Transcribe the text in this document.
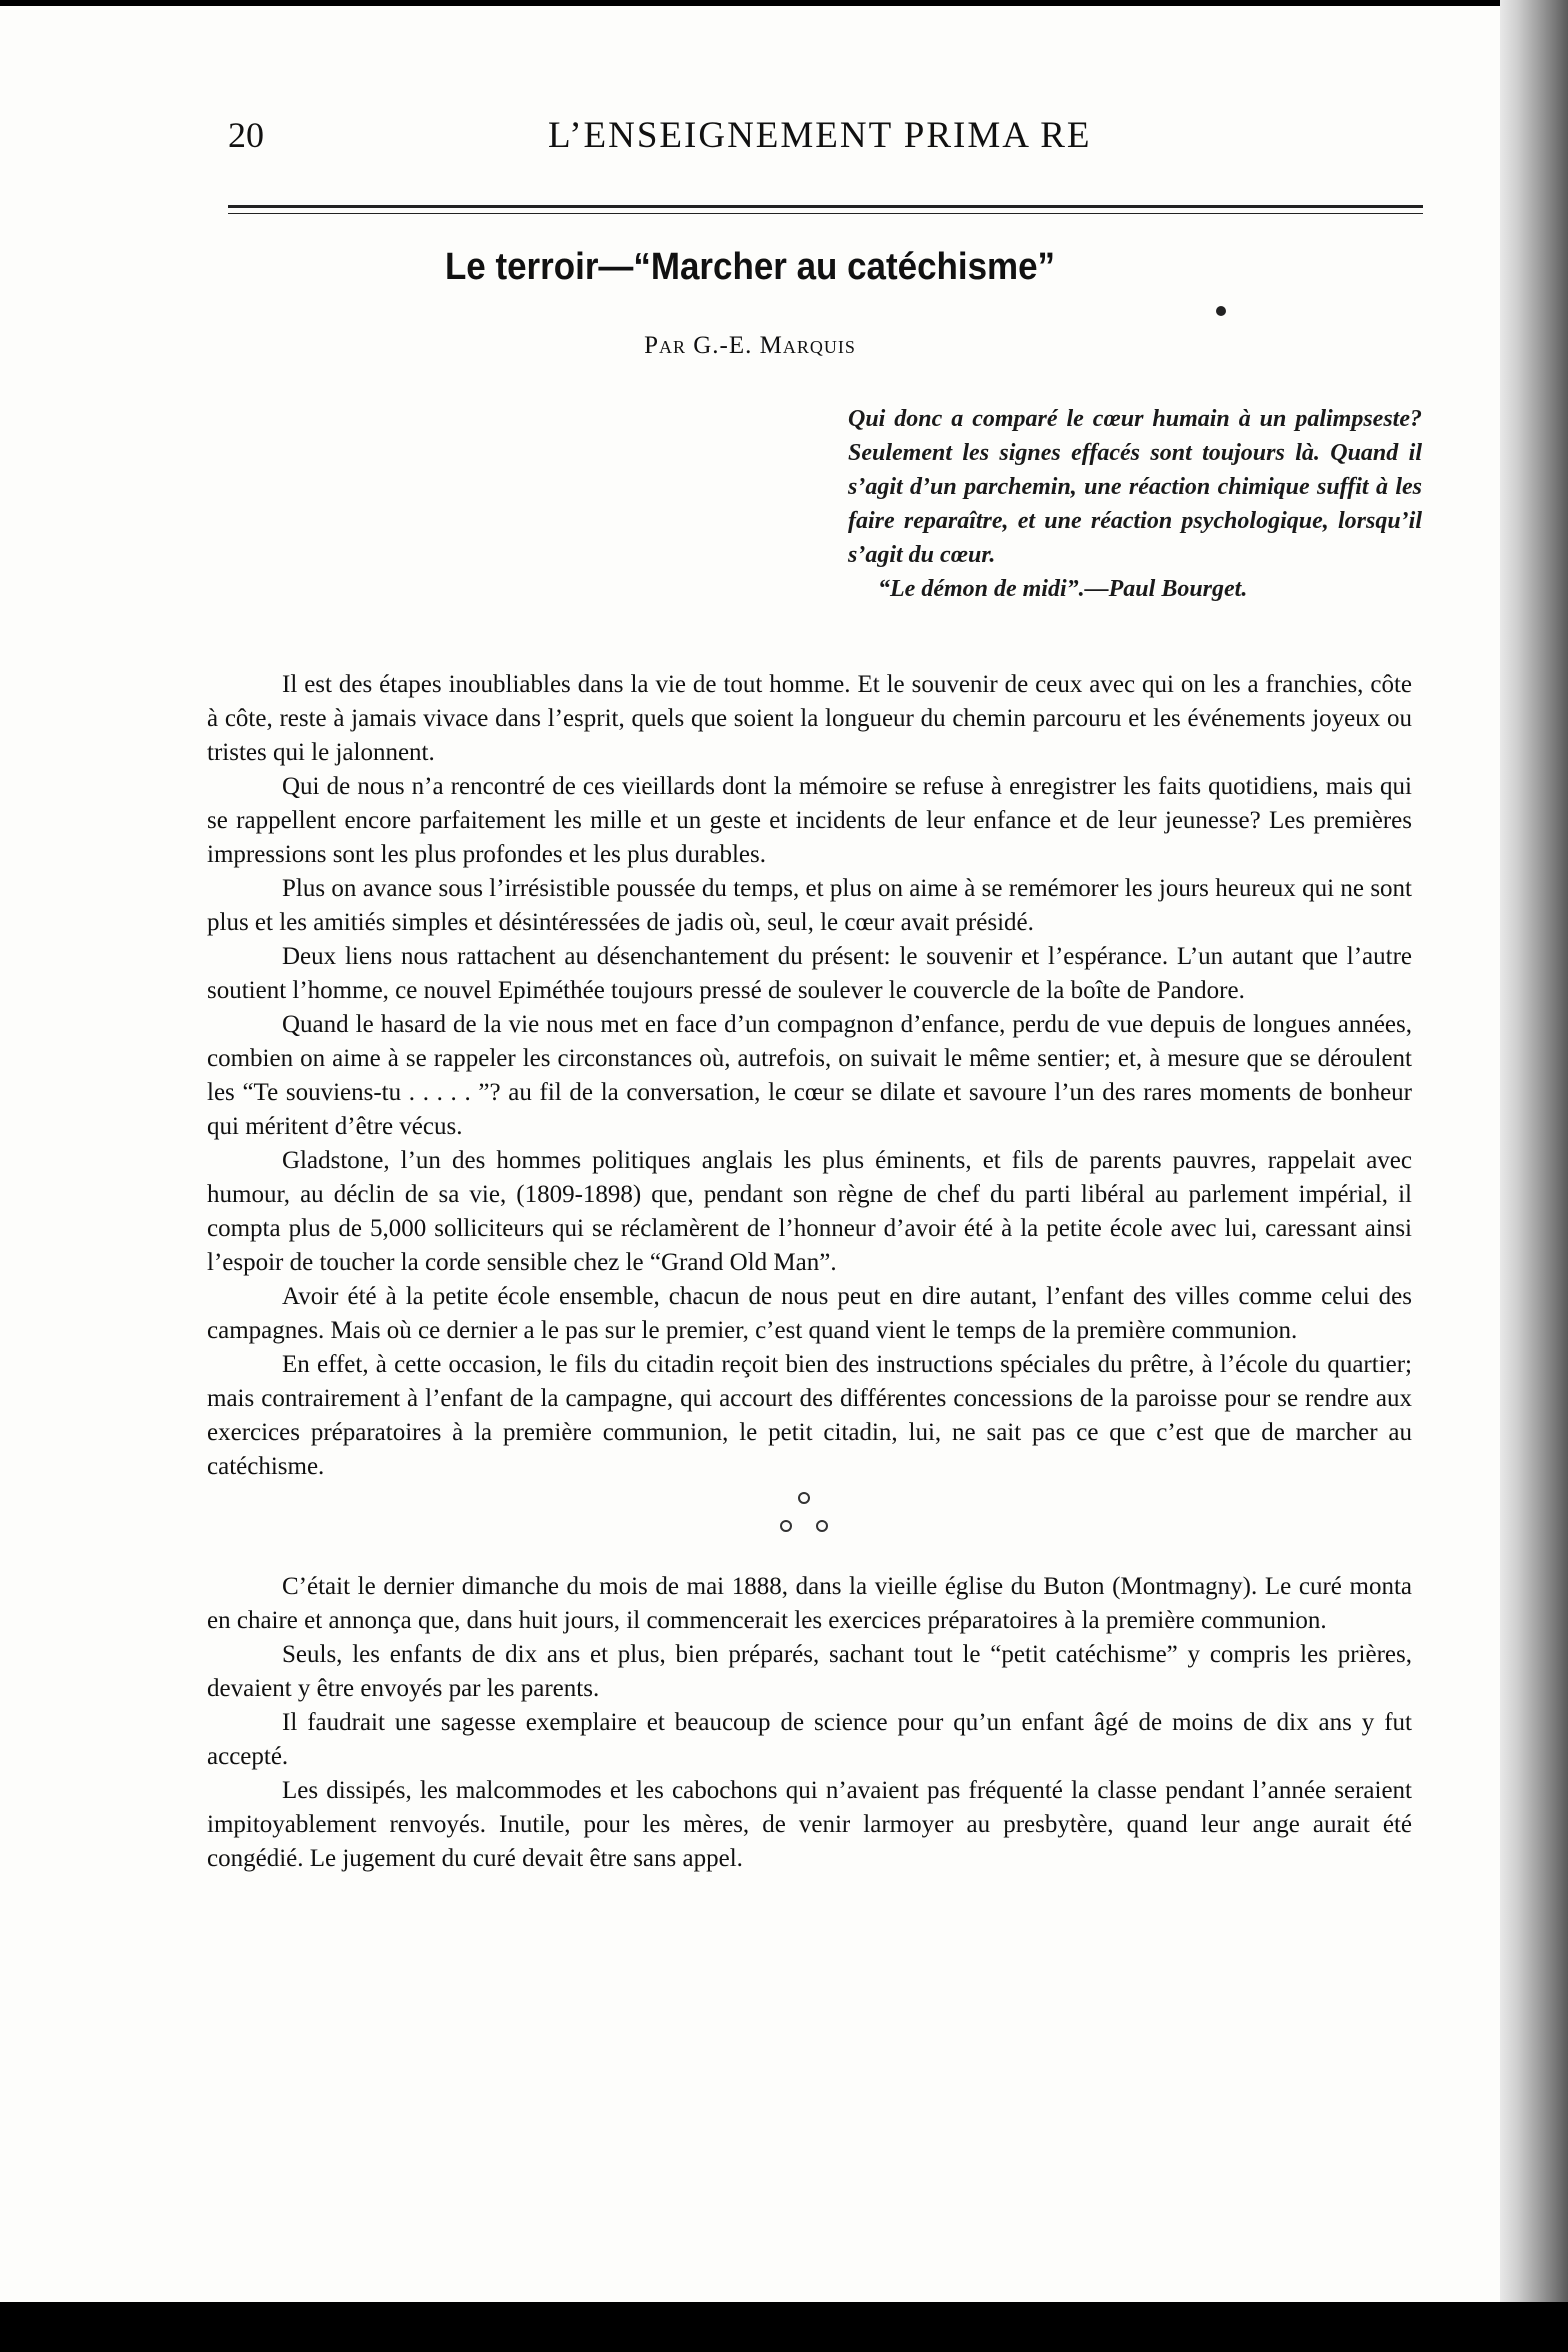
20	L’ENSEIGNEMENT PRIMA RE
Le terroir—“Marcher au catéchisme”
Par G.-E. Marquis
Qui donc a comparé le cœur humain à un palimpseste? Seulement les signes effacés sont toujours là. Quand il s’agit d’un parchemin, une réaction chimique suffit à les faire reparaître, et une réaction psychologique, lorsqu’il s’agit du cœur.
“Le démon de midi”.—Paul Bourget.

Il est des étapes inoubliables dans la vie de tout homme. Et le souvenir de ceux avec qui on les a franchies, côte à côte, reste à jamais vivace dans l’esprit, quels que soient la longueur du chemin parcouru et les événements joyeux ou tristes qui le jalonnent.

Qui de nous n’a rencontré de ces vieillards dont la mémoire se refuse à enregistrer les faits quotidiens, mais qui se rappellent encore parfaitement les mille et un geste et incidents de leur enfance et de leur jeunesse? Les premières impressions sont les plus profondes et les plus durables.

Plus on avance sous l’irrésistible poussée du temps, et plus on aime à se remémorer les jours heureux qui ne sont plus et les amitiés simples et désintéressées de jadis où, seul, le cœur avait présidé.

Deux liens nous rattachent au désenchantement du présent: le souvenir et l’espérance. L’un autant que l’autre soutient l’homme, ce nouvel Epiméthée toujours pressé de soulever le couvercle de la boîte de Pandore.

Quand le hasard de la vie nous met en face d’un compagnon d’enfance, perdu de vue depuis de longues années, combien on aime à se rappeler les circonstances où, autrefois, on suivait le même sentier; et, à mesure que se déroulent les “Te souviens-tu . . . . . ”? au fil de la conversation, le cœur se dilate et savoure l’un des rares moments de bonheur qui méritent d’être vécus.

Gladstone, l’un des hommes politiques anglais les plus éminents, et fils de parents pauvres, rappelait avec humour, au déclin de sa vie, (1809-1898) que, pendant son règne de chef du parti libéral au parlement impérial, il compta plus de 5,000 solliciteurs qui se réclamèrent de l’honneur d’avoir été à la petite école avec lui, caressant ainsi l’espoir de toucher la corde sensible chez le “Grand Old Man”.

Avoir été à la petite école ensemble, chacun de nous peut en dire autant, l’enfant des villes comme celui des campagnes. Mais où ce dernier a le pas sur le premier, c’est quand vient le temps de la première communion.

En effet, à cette occasion, le fils du citadin reçoit bien des instructions spéciales du prêtre, à l’école du quartier; mais contrairement à l’enfant de la campagne, qui accourt des différentes concessions de la paroisse pour se rendre aux exercices préparatoires à la première communion, le petit citadin, lui, ne sait pas ce que c’est que de marcher au catéchisme.

C’était le dernier dimanche du mois de mai 1888, dans la vieille église du Buton (Montmagny). Le curé monta en chaire et annonça que, dans huit jours, il commencerait les exercices préparatoires à la première communion.

Seuls, les enfants de dix ans et plus, bien préparés, sachant tout le “petit catéchisme” y compris les prières, devaient y être envoyés par les parents.

Il faudrait une sagesse exemplaire et beaucoup de science pour qu’un enfant âgé de moins de dix ans y fut accepté.

Les dissipés, les malcommodes et les cabochons qui n’avaient pas fréquenté la classe pendant l’année seraient impitoyablement renvoyés. Inutile, pour les mères, de venir larmoyer au presbytère, quand leur ange aurait été congédié. Le jugement du curé devait être sans appel.
